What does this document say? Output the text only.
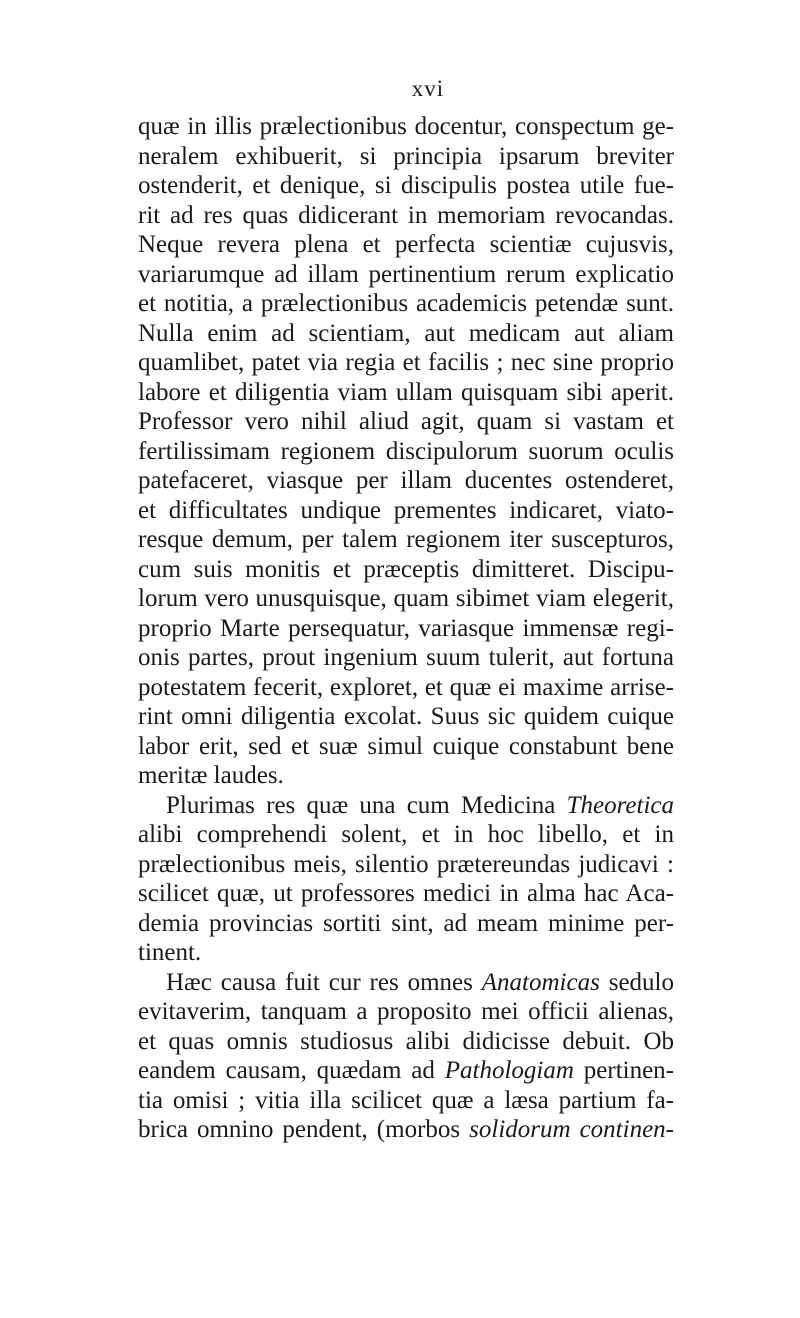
xvi
quæ in illis prælectionibus docentur, conspectum ge-
neralem exhibuerit, si principia ipsarum breviter
ostenderit, et denique, si discipulis postea utile fue-
rit ad res quas didicerant in memoriam revocandas.
Neque revera plena et perfecta scientiæ cujusvis,
variarumque ad illam pertinentium rerum explicatio
et notitia, a prælectionibus academicis petendæ sunt.
Nulla enim ad scientiam, aut medicam aut aliam
quamlibet, patet via regia et facilis ; nec sine proprio
labore et diligentia viam ullam quisquam sibi aperit.
Professor vero nihil aliud agit, quam si vastam et
fertilissimam regionem discipulorum suorum oculis
patefaceret, viasque per illam ducentes ostenderet,
et difficultates undique prementes indicaret, viato-
resque demum, per talem regionem iter suscepturos,
cum suis monitis et præceptis dimitteret. Discipu-
lorum vero unusquisque, quam sibimet viam elegerit,
proprio Marte persequatur, variasque immensæ regi-
onis partes, prout ingenium suum tulerit, aut fortuna
potestatem fecerit, exploret, et quæ ei maxime arrise-
rint omni diligentia excolat. Suus sic quidem cuique
labor erit, sed et suæ simul cuique constabunt bene
meritæ laudes.
Plurimas res quæ una cum Medicina Theoretica
alibi comprehendi solent, et in hoc libello, et in
prælectionibus meis, silentio prætereundas judicavi :
scilicet quæ, ut professores medici in alma hac Aca-
demia provincias sortiti sint, ad meam minime per-
tinent.
Hæc causa fuit cur res omnes Anatomicas sedulo
evitaverim, tanquam a proposito mei officii alienas,
et quas omnis studiosus alibi didicisse debuit. Ob
eandem causam, quædam ad Pathologiam pertinen-
tia omisi ; vitia illa scilicet quæ a læsa partium fa-
brica omnino pendent, (morbos solidorum continen-
